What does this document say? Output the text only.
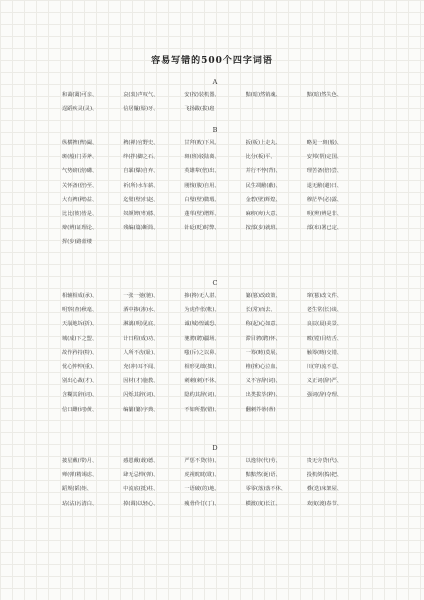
容易写错的500个四字词语
A
和蔼(霭)可亲、	哀(衷)声叹气、	安(按)装机器、	黯(暗)然销魂、	黯(暗)然失色、
逞蹈疾灵(灵)、	信居鬣(鬃)牙、	飞扬跋(拔)扈
B
纵横捭(俾)阖、	稗(禅)官野史、	甘拜(败)下风、	扳(板)上走丸、	略见一斑(般)、
斑(般)门弄斧、	绊(拌)脚之石、	斑(班)驳陆离、	比分(板)平、	安邦(帮)定国、
气势磅(滂)礴、	自暴(爆)自弃、	英雄辈(倍)出、	并行不悖(背)、	理苦备(倍)尝、
关怀备(倍)至、	祈(所)水车薪、	刚愎(腹)自用、	民生凋敝(蔽)、	退无敝(避)日、
大有裨(稗)益、	迄璧(壁)归赵、	白璧(壁)微瑕、	金碧(壁)辉煌、	穆茫毕(必)露、
比比(彼)皆是、	奴颜婢(卑)膝、	蓬荜(壁)增辉、	麻痹(庳)大意、	明(辨)辨是非、
辩(辨)证理论、	残编(篇)断简、	针砭(贬)时弊、	按部(步)就班、	部(布)署已定、
挥(步)路蓝缕
C
相辅相成(承)、	一张一弛(驰)、	掺(搀)无人湛、	纂(篡)改政策、	窜(篡)改文件、
明察(查)秋毫、	酒中掺(渗)水、	为虎作伥(帐)、	长(常)而去、	老生常(长)谈、
天崩地坼(折)、	淋漓(明)见底、	诚(城)惶诚恐、	称(起)心如意、	良辰(晨)美景、
城(成)下之盟、	计日程(成)功、	驰骋(聘)疆场、	滞目骋(聘)怀、	瞠(镗)目结舌、
故作矜持(特)、	人所不齿(耻)、	嗤(斥)之以鼻、	一筹(畴)莫展、	触筹(畴)交错、
忧心忡忡(重)、	充(冲)耳不闻、	相形见绌(拙)、	椎(捶)心泣血、	川(穿)流不息、
别出心裁(才)、	因材(才)施教、	刺刺(刺)不休、	义不容辞(词)、	义正词(辞)严、
含糊其辞(词)、	闪烁其辞(词)、	隐约其辞(词)、	出类拔萃(粹)、	强词(辞)夺理、
信口雌(词)黄、	编纂(纂)字典、	不如所措(错)、	翻刺芥蒂(蒂)
D
披星戴(带)月、	感恩戴(载)德、	严惩不贷(待)、	以逸待(代)劳、	贵无旁贷(代)、
殚(弹)精竭虑、	肆无忌惮(弹)、	虎视眈眈(耽)、	黯黯然(诞)语、	投机倒(捣)把、
蹈规(韬)矩、	中流底(抵)柱、	一语破(的)地、	零零(落)落不休、	叠(迭)床架屋、
玷(沾)污清白、	掉(调)以轻心、	瘦骨伶仃(丁)、	横渡(度)长江、	欢度(渡)春节、
